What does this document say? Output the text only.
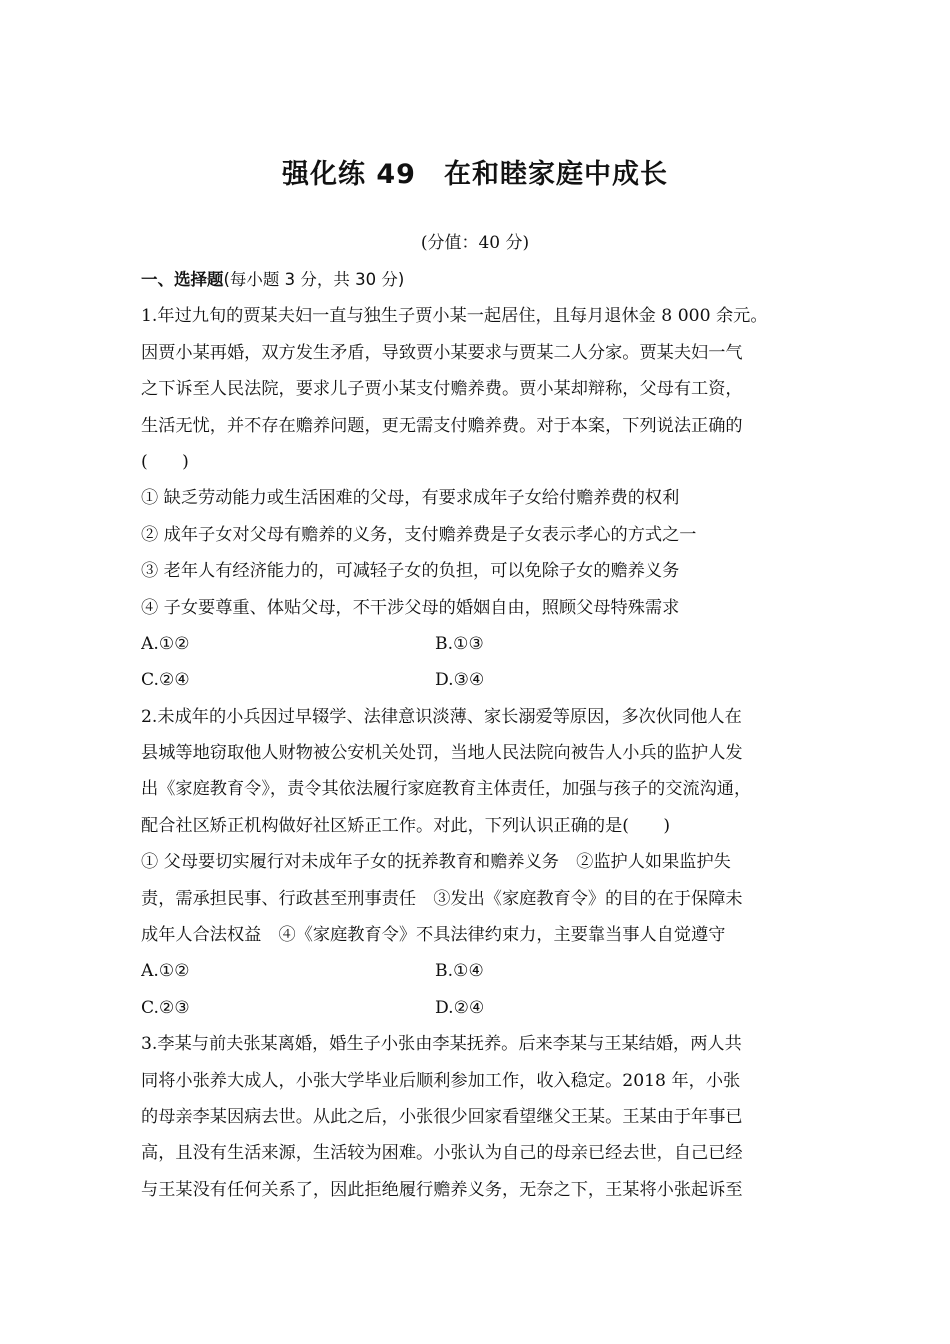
强化练 49　在和睦家庭中成长
(分值：40 分)
一、选择题(每小题 3 分，共 30 分)
1.年过九旬的贾某夫妇一直与独生子贾小某一起居住，且每月退休金 8 000 余元。
因贾小某再婚，双方发生矛盾，导致贾小某要求与贾某二人分家。贾某夫妇一气
之下诉至人民法院，要求儿子贾小某支付赡养费。贾小某却辩称，父母有工资，
生活无忧，并不存在赡养问题，更无需支付赡养费。对于本案，下列说法正确的
(　　)
① 缺乏劳动能力或生活困难的父母，有要求成年子女给付赡养费的权利
② 成年子女对父母有赡养的义务，支付赡养费是子女表示孝心的方式之一
③ 老年人有经济能力的，可减轻子女的负担，可以免除子女的赡养义务
④ 子女要尊重、体贴父母，不干涉父母的婚姻自由，照顾父母特殊需求
A.①②	B.①③
C.②④	D.③④
2.未成年的小兵因过早辍学、法律意识淡薄、家长溺爱等原因，多次伙同他人在
县城等地窃取他人财物被公安机关处罚，当地人民法院向被告人小兵的监护人发
出《家庭教育令》，责令其依法履行家庭教育主体责任，加强与孩子的交流沟通，
配合社区矫正机构做好社区矫正工作。对此，下列认识正确的是(　　)
① 父母要切实履行对未成年子女的抚养教育和赡养义务　②监护人如果监护失
责，需承担民事、行政甚至刑事责任　③发出《家庭教育令》的目的在于保障未
成年人合法权益　④《家庭教育令》不具法律约束力，主要靠当事人自觉遵守
A.①②	B.①④
C.②③	D.②④
3.李某与前夫张某离婚，婚生子小张由李某抚养。后来李某与王某结婚，两人共
同将小张养大成人，小张大学毕业后顺利参加工作，收入稳定。2018 年，小张
的母亲李某因病去世。从此之后，小张很少回家看望继父王某。王某由于年事已
高，且没有生活来源，生活较为困难。小张认为自己的母亲已经去世，自己已经
与王某没有任何关系了，因此拒绝履行赡养义务，无奈之下，王某将小张起诉至
